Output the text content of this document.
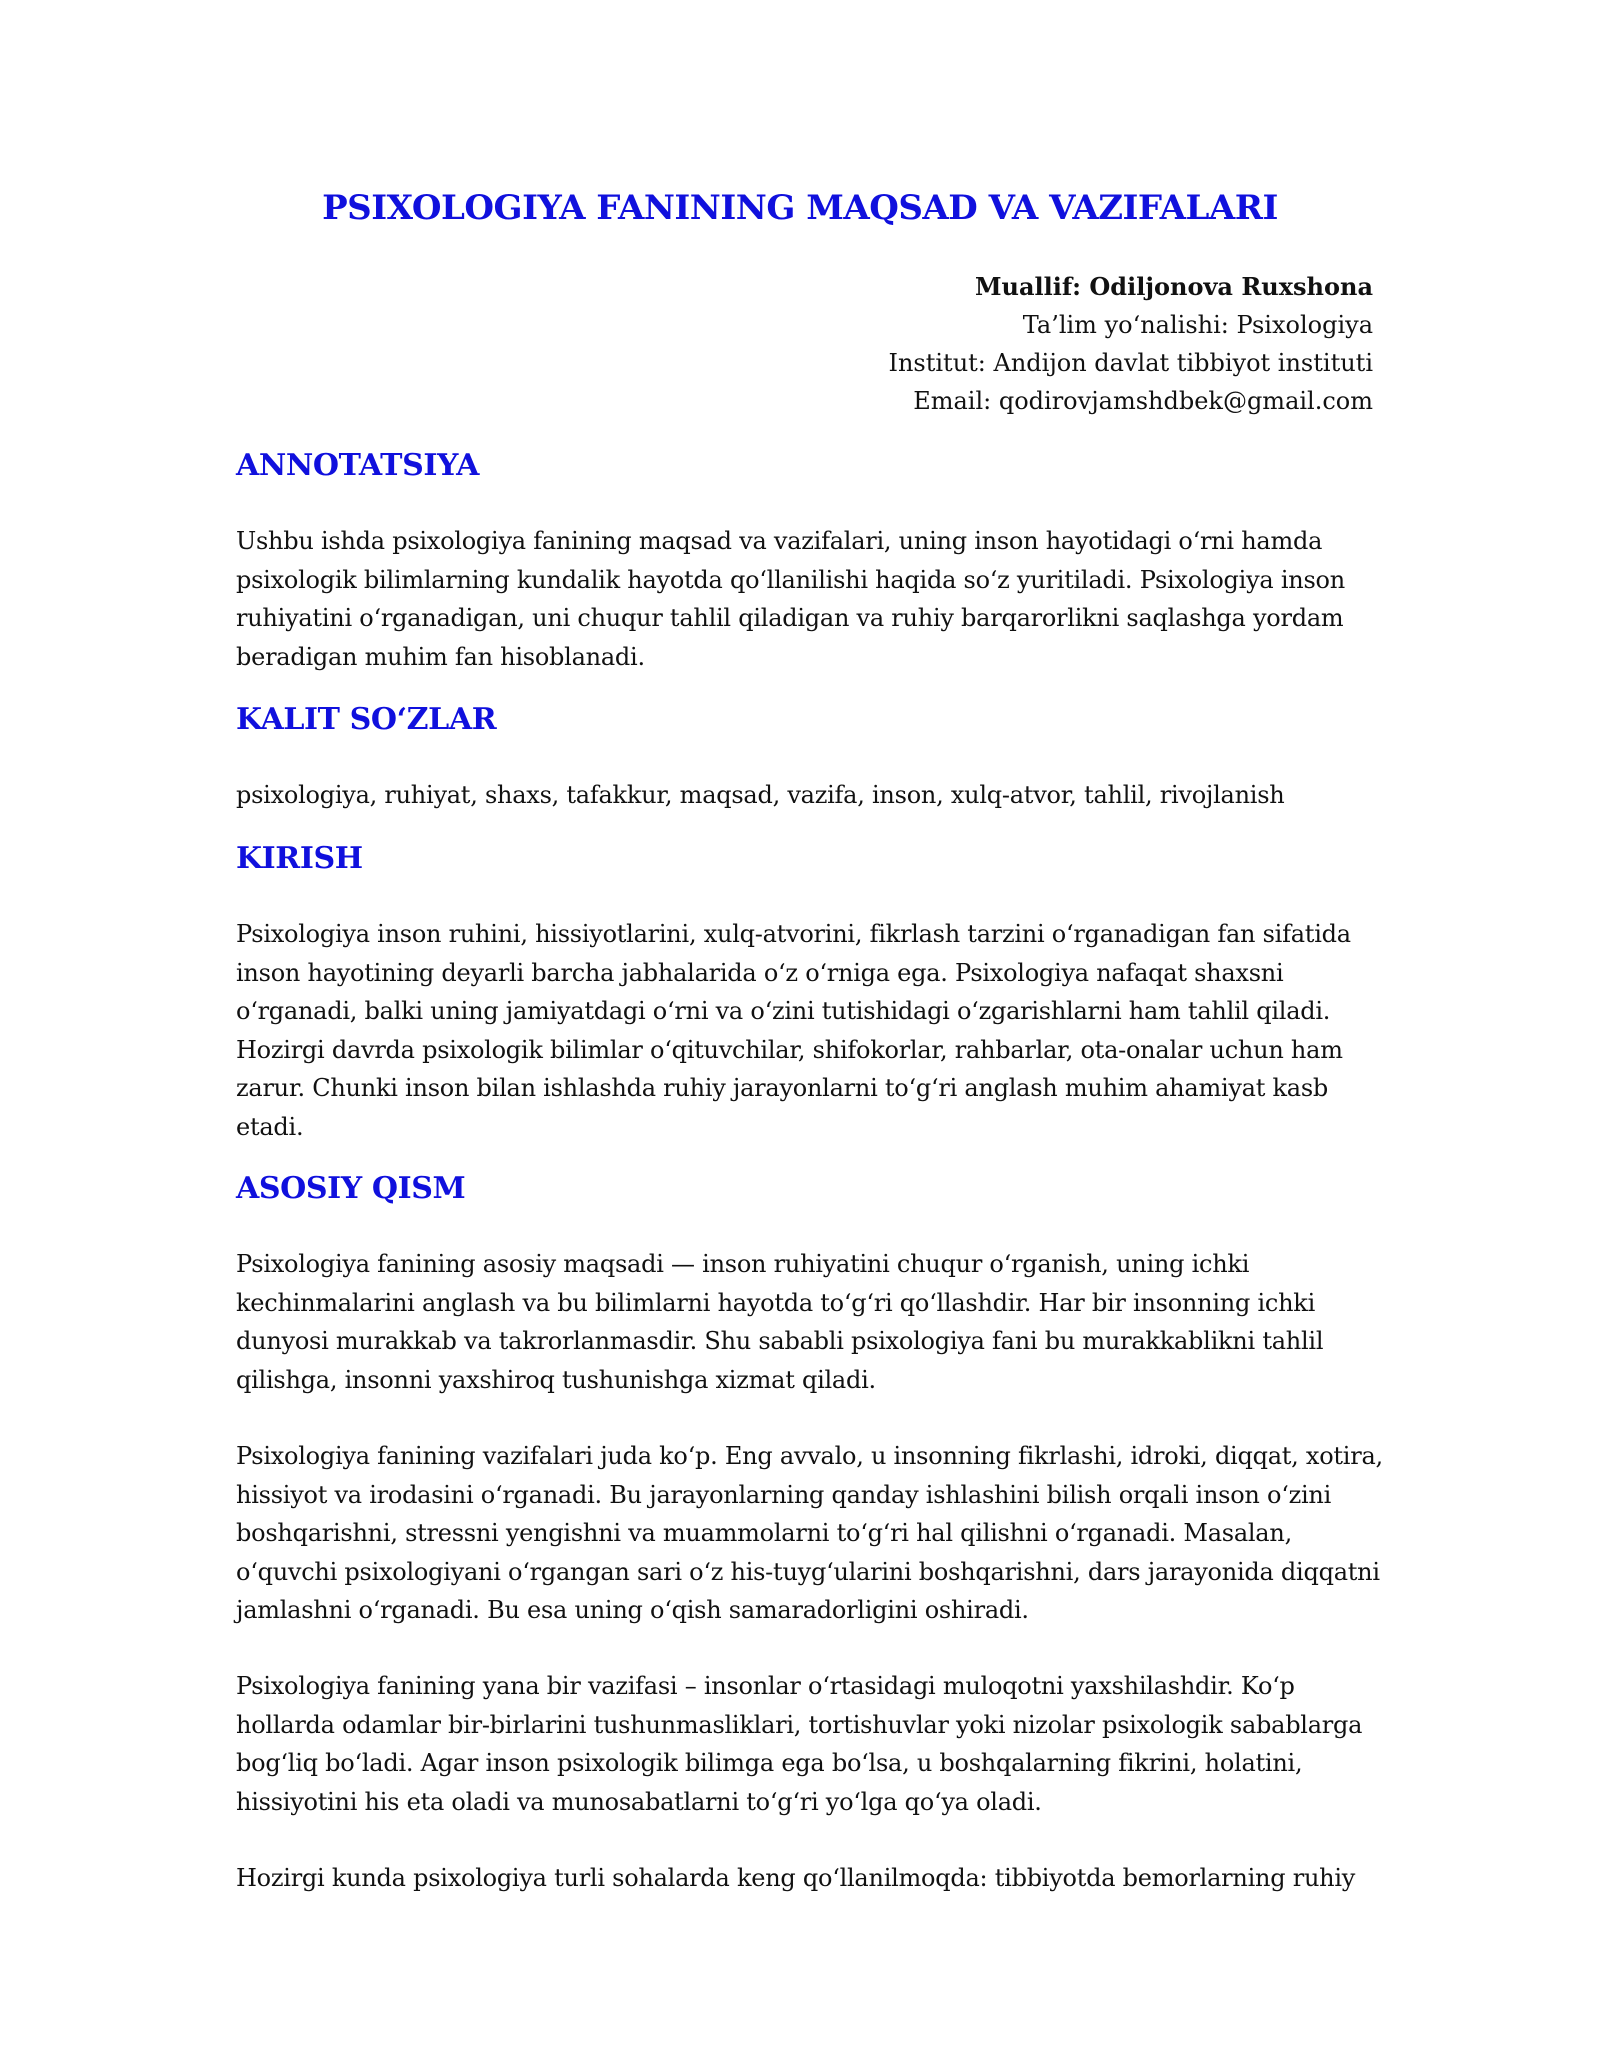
PSIXOLOGIYA FANINING MAQSAD VA VAZIFALARI
Muallif: Odiljonova Ruxshona
Ta’lim yo‘nalishi: Psixologiya
Institut: Andijon davlat tibbiyot instituti
Email: qodirovjamshdbek@gmail.com
ANNOTATSIYA
Ushbu ishda psixologiya fanining maqsad va vazifalari, uning inson hayotidagi o‘rni hamda
psixologik bilimlarning kundalik hayotda qo‘llanilishi haqida so‘z yuritiladi. Psixologiya inson
ruhiyatini o‘rganadigan, uni chuqur tahlil qiladigan va ruhiy barqarorlikni saqlashga yordam
beradigan muhim fan hisoblanadi.
KALIT SO‘ZLAR
psixologiya, ruhiyat, shaxs, tafakkur, maqsad, vazifa, inson, xulq-atvor, tahlil, rivojlanish
KIRISH
Psixologiya inson ruhini, hissiyotlarini, xulq-atvorini, fikrlash tarzini o‘rganadigan fan sifatida
inson hayotining deyarli barcha jabhalarida o‘z o‘rniga ega. Psixologiya nafaqat shaxsni
o‘rganadi, balki uning jamiyatdagi o‘rni va o‘zini tutishidagi o‘zgarishlarni ham tahlil qiladi.
Hozirgi davrda psixologik bilimlar o‘qituvchilar, shifokorlar, rahbarlar, ota-onalar uchun ham
zarur. Chunki inson bilan ishlashda ruhiy jarayonlarni to‘g‘ri anglash muhim ahamiyat kasb
etadi.
ASOSIY QISM
Psixologiya fanining asosiy maqsadi — inson ruhiyatini chuqur o‘rganish, uning ichki
kechinmalarini anglash va bu bilimlarni hayotda to‘g‘ri qo‘llashdir. Har bir insonning ichki
dunyosi murakkab va takrorlanmasdir. Shu sababli psixologiya fani bu murakkablikni tahlil
qilishga, insonni yaxshiroq tushunishga xizmat qiladi.
Psixologiya fanining vazifalari juda ko‘p. Eng avvalo, u insonning fikrlashi, idroki, diqqat, xotira,
hissiyot va irodasini o‘rganadi. Bu jarayonlarning qanday ishlashini bilish orqali inson o‘zini
boshqarishni, stressni yengishni va muammolarni to‘g‘ri hal qilishni o‘rganadi. Masalan,
o‘quvchi psixologiyani o‘rgangan sari o‘z his-tuyg‘ularini boshqarishni, dars jarayonida diqqatni
jamlashni o‘rganadi. Bu esa uning o‘qish samaradorligini oshiradi.
Psixologiya fanining yana bir vazifasi – insonlar o‘rtasidagi muloqotni yaxshilashdir. Ko‘p
hollarda odamlar bir-birlarini tushunmasliklari, tortishuvlar yoki nizolar psixologik sabablarga
bog‘liq bo‘ladi. Agar inson psixologik bilimga ega bo‘lsa, u boshqalarning fikrini, holatini,
hissiyotini his eta oladi va munosabatlarni to‘g‘ri yo‘lga qo‘ya oladi.
Hozirgi kunda psixologiya turli sohalarda keng qo‘llanilmoqda: tibbiyotda bemorlarning ruhiy
